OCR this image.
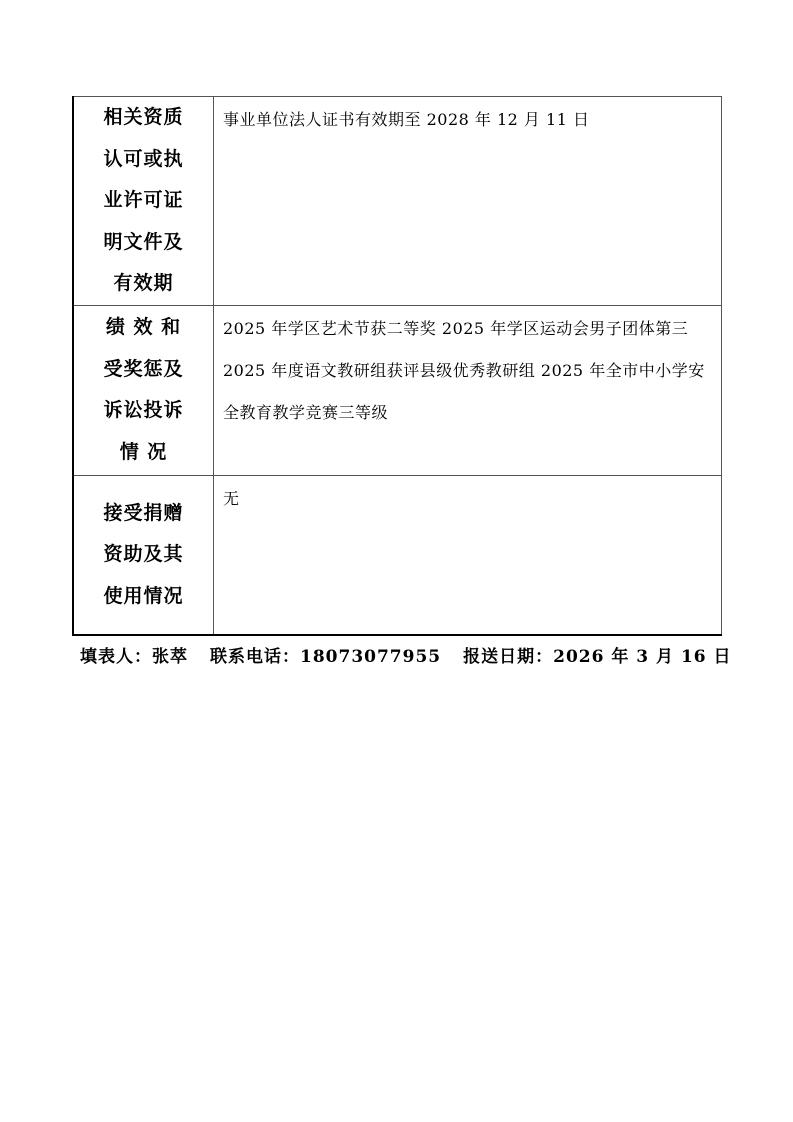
相关资质
认可或执
业许可证
明文件及
有效期	事业单位法人证书有效期至 2028 年 12 月 11 日

绩 效 和
受奖惩及
诉讼投诉
情 况	2025 年学区艺术节获二等奖 2025 年学区运动会男子团体第三 2025 年度语文教研组获评县级优秀教研组 2025 年全市中小学安全教育教学竞赛三等级

接受捐赠
资助及其
使用情况	无
填表人：张萃 联系电话：18073077955 报送日期：2026 年 3 月 16 日
